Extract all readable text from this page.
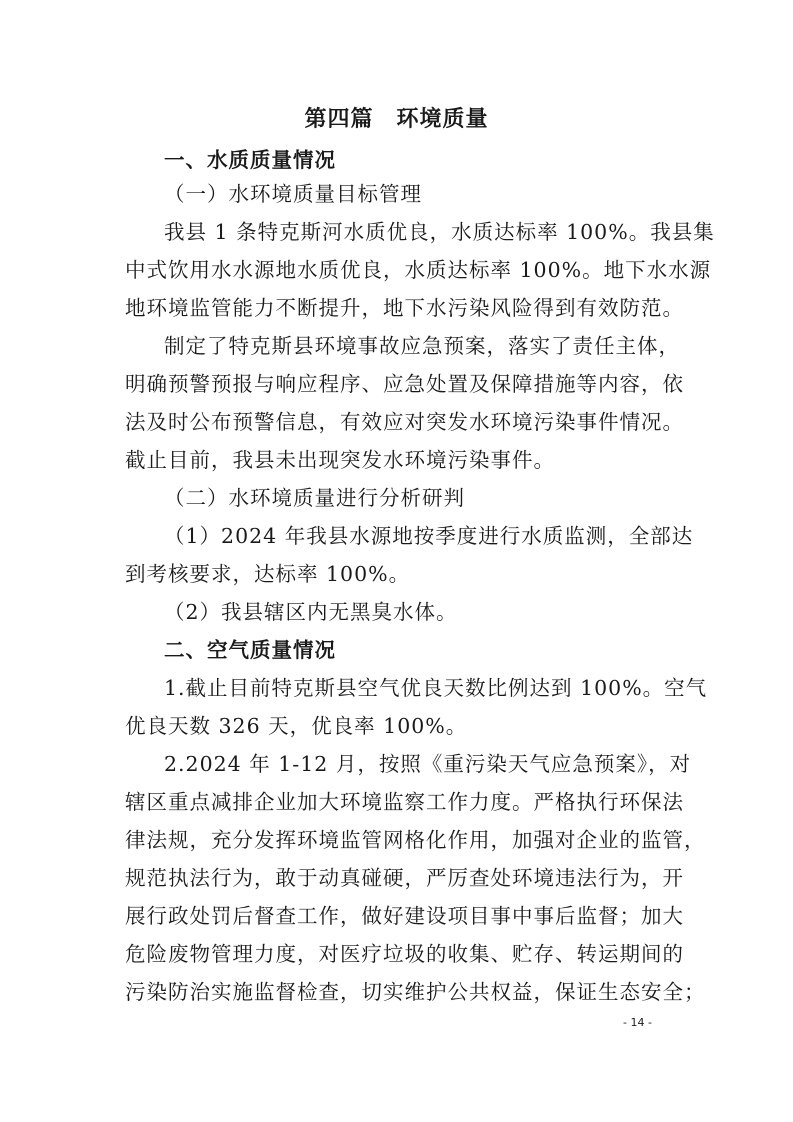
第四篇　环境质量
一、水质质量情况
（一）水环境质量目标管理
我县 1 条特克斯河水质优良，水质达标率 100%。我县集
中式饮用水水源地水质优良，水质达标率 100%。地下水水源
地环境监管能力不断提升，地下水污染风险得到有效防范。
制定了特克斯县环境事故应急预案，落实了责任主体，
明确预警预报与响应程序、应急处置及保障措施等内容，依
法及时公布预警信息，有效应对突发水环境污染事件情况。
截止目前，我县未出现突发水环境污染事件。
（二）水环境质量进行分析研判
（1）2024 年我县水源地按季度进行水质监测，全部达
到考核要求，达标率 100%。
（2）我县辖区内无黑臭水体。
二、空气质量情况
1.截止目前特克斯县空气优良天数比例达到 100%。空气
优良天数 326 天，优良率 100%。
2.2024 年 1-12 月，按照《重污染天气应急预案》，对
辖区重点减排企业加大环境监察工作力度。严格执行环保法
律法规，充分发挥环境监管网格化作用，加强对企业的监管，
规范执法行为，敢于动真碰硬，严厉查处环境违法行为，开
展行政处罚后督查工作，做好建设项目事中事后监督；加大
危险废物管理力度，对医疗垃圾的收集、贮存、转运期间的
污染防治实施监督检查，切实维护公共权益，保证生态安全；
- 14 -
